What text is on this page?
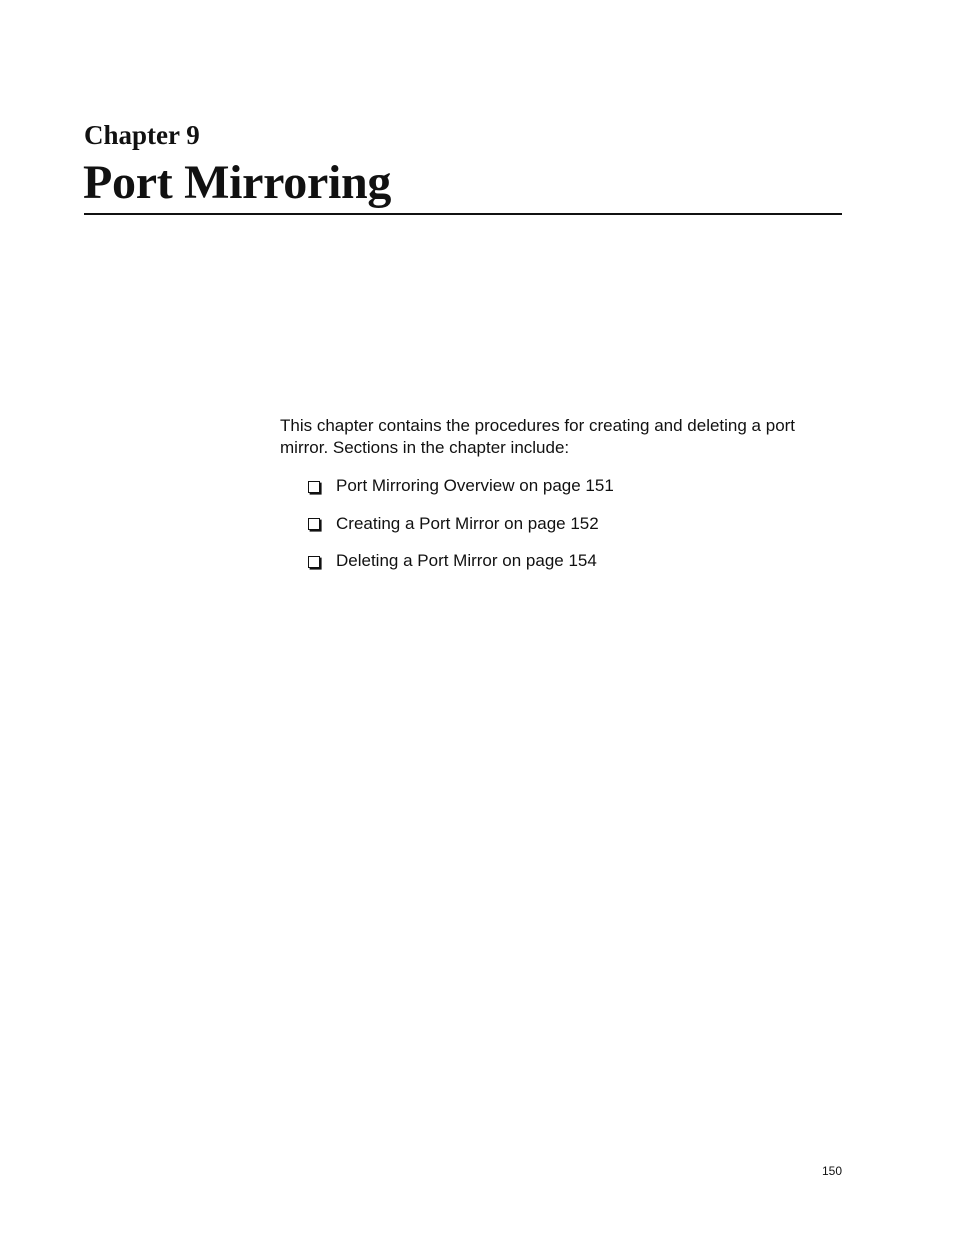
Chapter 9
Port Mirroring

This chapter contains the procedures for creating and deleting a port mirror. Sections in the chapter include:

Port Mirroring Overview on page 151
Creating a Port Mirror on page 152
Deleting a Port Mirror on page 154
150
